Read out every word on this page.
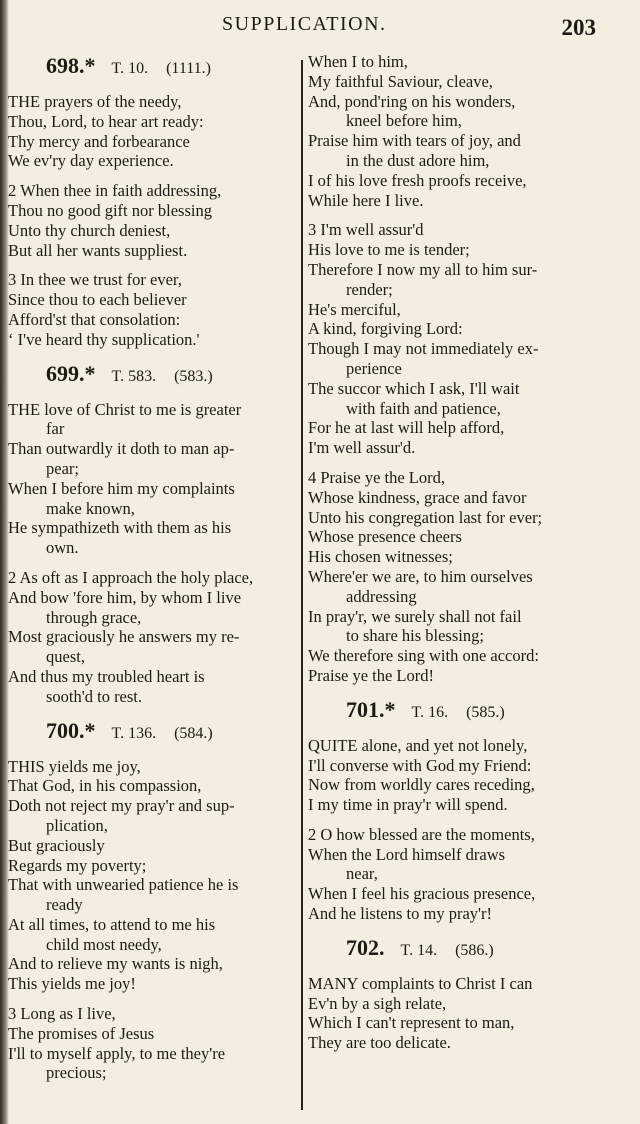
SUPPLICATION.	203
698.* T. 10. (1111.)
THE prayers of the needy,
Thou, Lord, to hear art ready:
Thy mercy and forbearance
We ev'ry day experience.
2 When thee in faith addressing,
Thou no good gift nor blessing
Unto thy church deniest,
But all her wants suppliest.
3 In thee we trust for ever,
Since thou to each believer
Afford'st that consolation:
‘ I've heard thy supplication.'
699.* T. 583. (583.)
THE love of Christ to me is greater
far
Than outwardly it doth to man ap-
pear;
When I before him my complaints
make known,
He sympathizeth with them as his
own.
2 As oft as I approach the holy place,
And bow 'fore him, by whom I live
through grace,
Most graciously he answers my re-
quest,
And thus my troubled heart is
sooth'd to rest.
700.* T. 136. (584.)
THIS yields me joy,
That God, in his compassion,
Doth not reject my pray'r and sup-
plication,
But graciously
Regards my poverty;
That with unwearied patience he is
ready
At all times, to attend to me his
child most needy,
And to relieve my wants is nigh,
This yields me joy!
3 Long as I live,
The promises of Jesus
I'll to myself apply, to me they're
precious;
When I to him,
My faithful Saviour, cleave,
And, pond'ring on his wonders,
kneel before him,
Praise him with tears of joy, and
in the dust adore him,
I of his love fresh proofs receive,
While here I live.
3 I'm well assur'd
His love to me is tender;
Therefore I now my all to him sur-
render;
He's merciful,
A kind, forgiving Lord:
Though I may not immediately ex-
perience
The succor which I ask, I'll wait
with faith and patience,
For he at last will help afford,
I'm well assur'd.
4 Praise ye the Lord,
Whose kindness, grace and favor
Unto his congregation last for ever;
Whose presence cheers
His chosen witnesses;
Where'er we are, to him ourselves
addressing
In pray'r, we surely shall not fail
to share his blessing;
We therefore sing with one accord:
Praise ye the Lord!
701.* T. 16. (585.)
QUITE alone, and yet not lonely,
I'll converse with God my Friend:
Now from worldly cares receding,
I my time in pray'r will spend.
2 O how blessed are the moments,
When the Lord himself draws
near,
When I feel his gracious presence,
And he listens to my pray'r!
702. T. 14. (586.)
MANY complaints to Christ I can
Ev'n by a sigh relate,
Which I can't represent to man,
They are too delicate.
